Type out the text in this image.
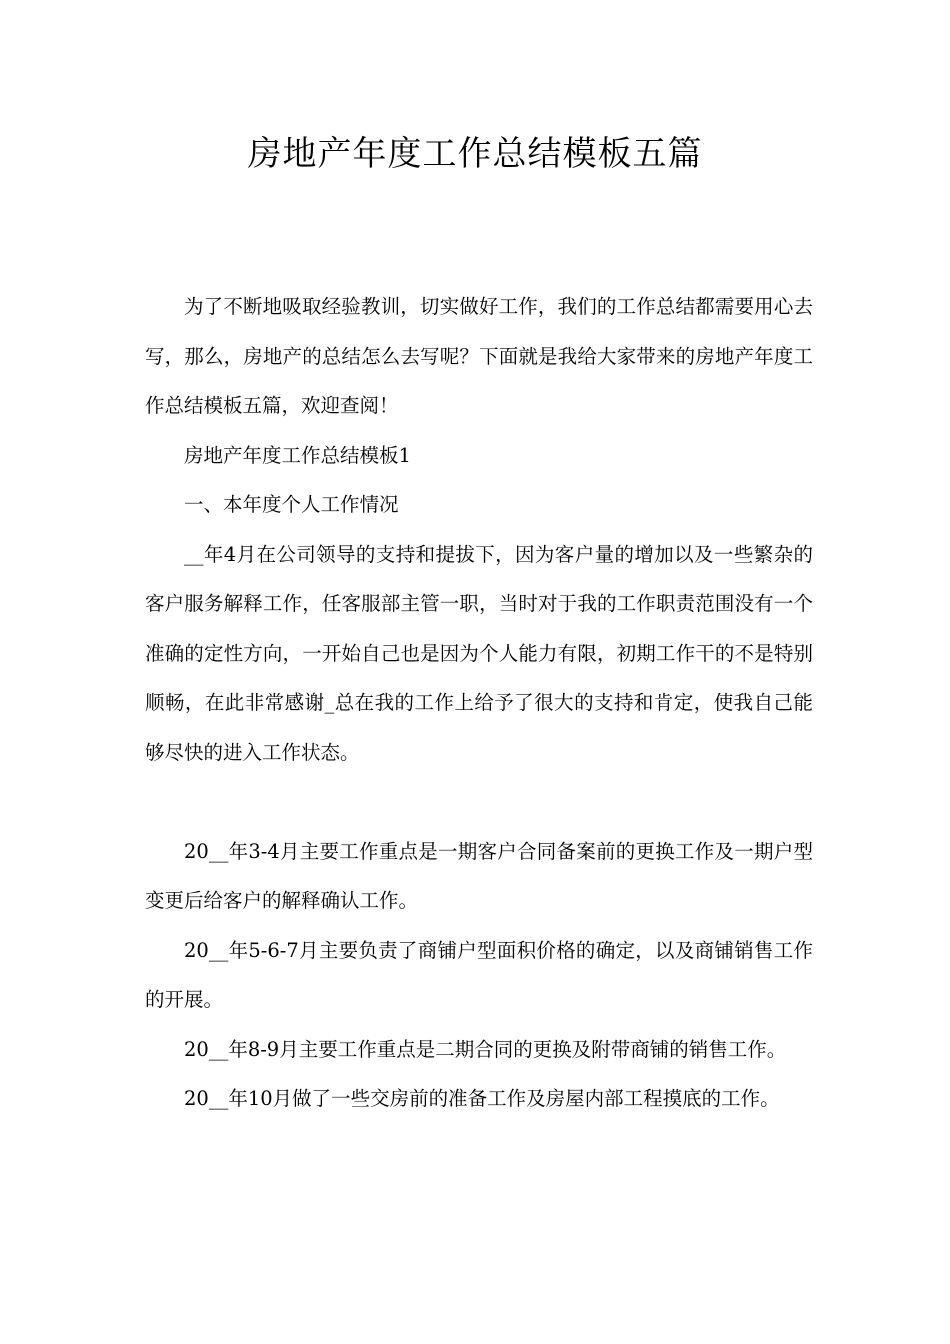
房地产年度工作总结模板五篇

为了不断地吸取经验教训，切实做好工作，我们的工作总结都需要用心去写，那么，房地产的总结怎么去写呢？下面就是我给大家带来的房地产年度工作总结模板五篇，欢迎查阅！

房地产年度工作总结模板1

一、本年度个人工作情况

__年4月在公司领导的支持和提拔下，因为客户量的增加以及一些繁杂的客户服务解释工作，任客服部主管一职，当时对于我的工作职责范围没有一个准确的定性方向，一开始自己也是因为个人能力有限，初期工作干的不是特别顺畅，在此非常感谢_总在我的工作上给予了很大的支持和肯定，使我自己能够尽快的进入工作状态。

20__年3-4月主要工作重点是一期客户合同备案前的更换工作及一期户型变更后给客户的解释确认工作。

20__年5-6-7月主要负责了商铺户型面积价格的确定，以及商铺销售工作的开展。

20__年8-9月主要工作重点是二期合同的更换及附带商铺的销售工作。

20__年10月做了一些交房前的准备工作及房屋内部工程摸底的工作。
